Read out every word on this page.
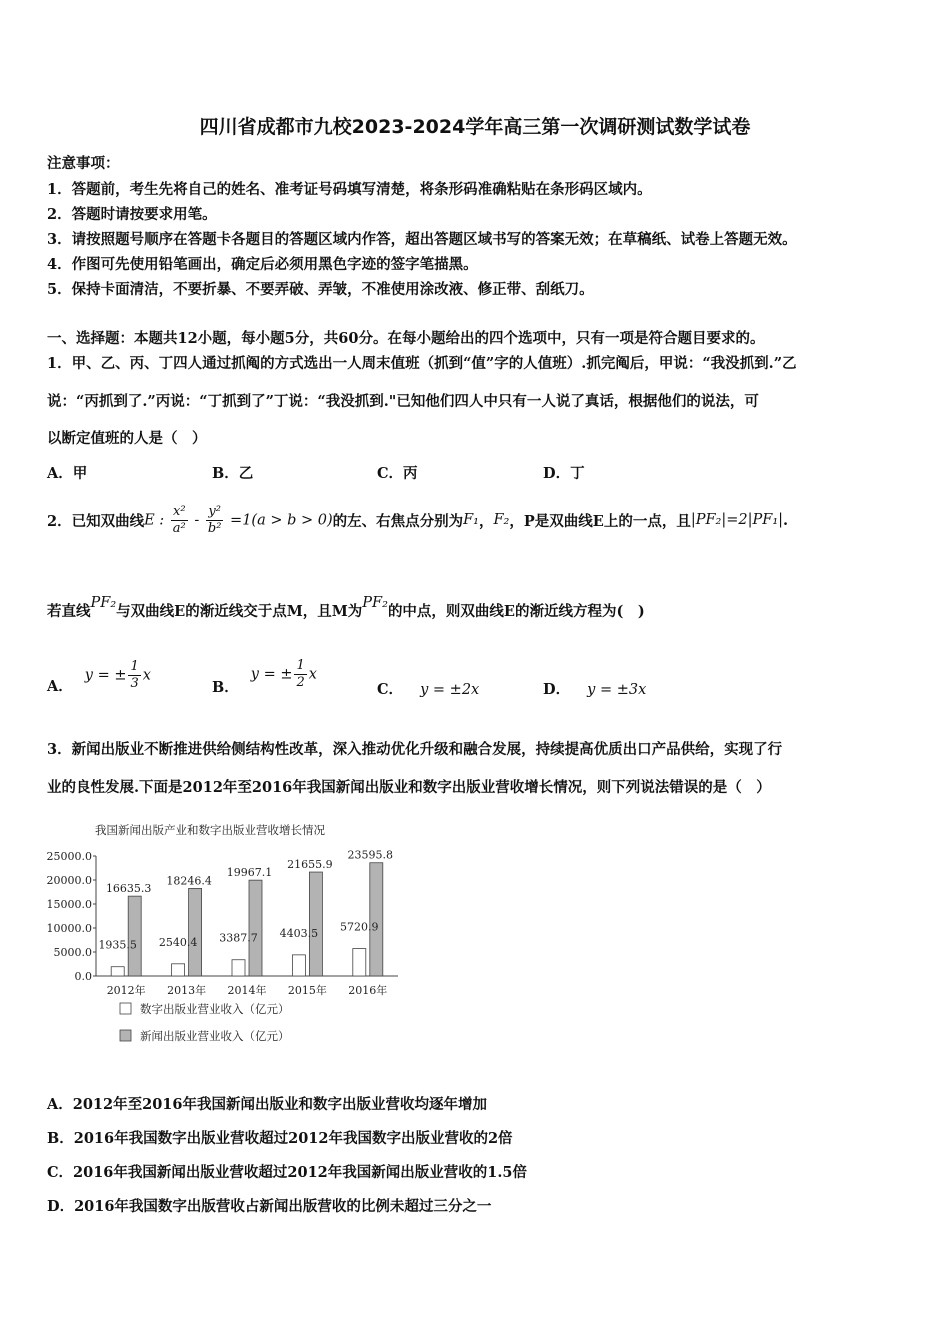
四川省成都市九校2023-2024学年高三第一次调研测试数学试卷
注意事项：
1．答题前，考生先将自己的姓名、准考证号码填写清楚，将条形码准确粘贴在条形码区域内。
2．答题时请按要求用笔。
3．请按照题号顺序在答题卡各题目的答题区域内作答，超出答题区域书写的答案无效；在草稿纸、试卷上答题无效。
4．作图可先使用铅笔画出，确定后必须用黑色字迹的签字笔描黑。
5．保持卡面清洁，不要折暴、不要弄破、弄皱，不准使用涂改液、修正带、刮纸刀。
一、选择题：本题共12小题，每小题5分，共60分。在每小题给出的四个选项中，只有一项是符合题目要求的。
1．甲、乙、丙、丁四人通过抓阄的方式选出一人周末值班（抓到“值”字的人值班）.抓完阄后，甲说：“我没抓到.”乙
说：“丙抓到了.”丙说：“丁抓到了”丁说：“我没抓到."已知他们四人中只有一人说了真话，根据他们的说法，可
以断定值班的人是（　）
A．甲	B．乙	C．丙	D．丁
2．已知双曲线 E : $\frac{\text{x²}}{\text{a²}} - \frac{\text{y²}}{\text{b²}} =1(a > b > 0)$ 的左、右焦点分别为 F₁ ， F₂ ，P是双曲线E上的一点，且 |PF₂|=2|PF₁| .
若直线
PF₂
与双曲线E的渐近线交于点M，且M为
PF₂
的中点，则双曲线E的渐近线方程为(　)
A．
y = ± $\frac{1}{3}$ x
B．
y = ± $\frac{1}{2}$ x
C． y = ±2x	D． y = ±3x
3．新闻出版业不断推进供给侧结构性改革，深入推动优化升级和融合发展，持续提高优质出口产品供给，实现了行
业的良性发展.下面是2012年至2016年我国新闻出版业和数字出版业营收增长情况，则下列说法错误的是（　）
我国新闻出版产业和数字出版业营收增长情况
0.0
5000.0
10000.0
15000.0
20000.0
25000.0
1935.5
16635.3
2012年
2540.4
18246.4
2013年
3387.7
19967.1
2014年
4403.5
21655.9
2015年
5720.9
23595.8
2016年
数字出版业营业收入（亿元）
新闻出版业营业收入（亿元）
A．2012年至2016年我国新闻出版业和数字出版业营收均逐年增加
B．2016年我国数字出版业营收超过2012年我国数字出版业营收的2倍
C．2016年我国新闻出版业营收超过2012年我国新闻出版业营收的1.5倍
D．2016年我国数字出版营收占新闻出版营收的比例未超过三分之一
